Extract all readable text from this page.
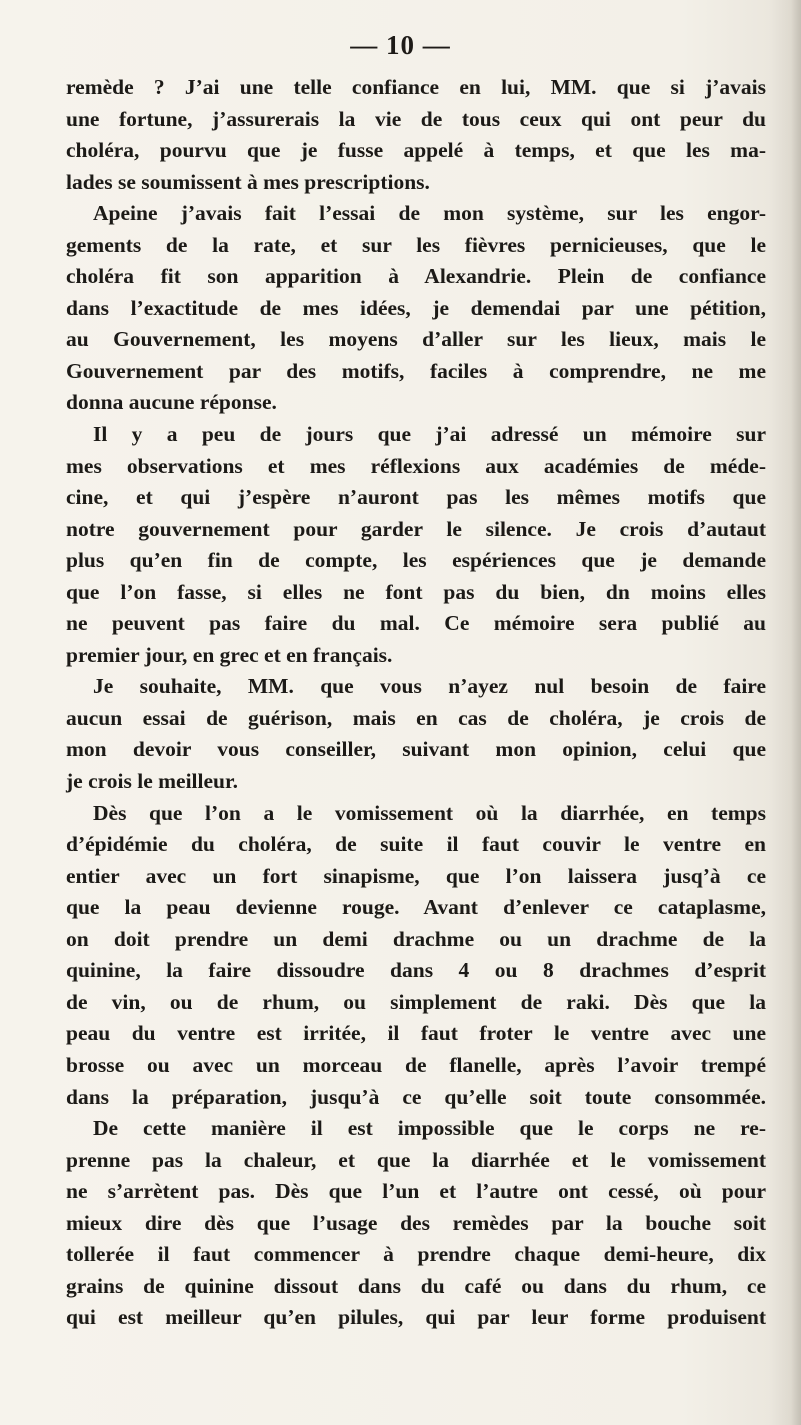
— 10 —
remède ? J’ai une telle confiance en lui, MM. que si j’avais
une fortune, j’assurerais la vie de tous ceux qui ont peur du
choléra, pourvu que je fusse appelé à temps, et que les ma-
lades se soumissent à mes prescriptions.
Apeine j’avais fait l’essai de mon système, sur les engor-
gements de la rate, et sur les fièvres pernicieuses, que le
choléra fit son apparition à Alexandrie. Plein de confiance
dans l’exactitude de mes idées, je demendai par une pétition,
au Gouvernement, les moyens d’aller sur les lieux, mais le
Gouvernement par des motifs, faciles à comprendre, ne me
donna aucune réponse.
Il y a peu de jours que j’ai adressé un mémoire sur
mes observations et mes réflexions aux académies de méde-
cine, et qui j’espère n’auront pas les mêmes motifs que
notre gouvernement pour garder le silence. Je crois d’autaut
plus qu’en fin de compte, les espériences que je demande
que l’on fasse, si elles ne font pas du bien, dn moins elles
ne peuvent pas faire du mal. Ce mémoire sera publié au
premier jour, en grec et en français.
Je souhaite, MM. que vous n’ayez nul besoin de faire
aucun essai de guérison, mais en cas de choléra, je crois de
mon devoir vous conseiller, suivant mon opinion, celui que
je crois le meilleur.
Dès que l’on a le vomissement où la diarrhée, en temps
d’épidémie du choléra, de suite il faut couvir le ventre en
entier avec un fort sinapisme, que l’on laissera jusq’à ce
que la peau devienne rouge. Avant d’enlever ce cataplasme,
on doit prendre un demi drachme ou un drachme de la
quinine, la faire dissoudre dans 4 ou 8 drachmes d’esprit
de vin, ou de rhum, ou simplement de raki. Dès que la
peau du ventre est irritée, il faut froter le ventre avec une
brosse ou avec un morceau de flanelle, après l’avoir trempé
dans la préparation, jusqu’à ce qu’elle soit toute consommée.
De cette manière il est impossible que le corps ne re-
prenne pas la chaleur, et que la diarrhée et le vomissement
ne s’arrètent pas. Dès que l’un et l’autre ont cessé, où pour
mieux dire dès que l’usage des remèdes par la bouche soit
tollerée il faut commencer à prendre chaque demi-heure, dix
grains de quinine dissout dans du café ou dans du rhum, ce
qui est meilleur qu’en pilules, qui par leur forme produisent
